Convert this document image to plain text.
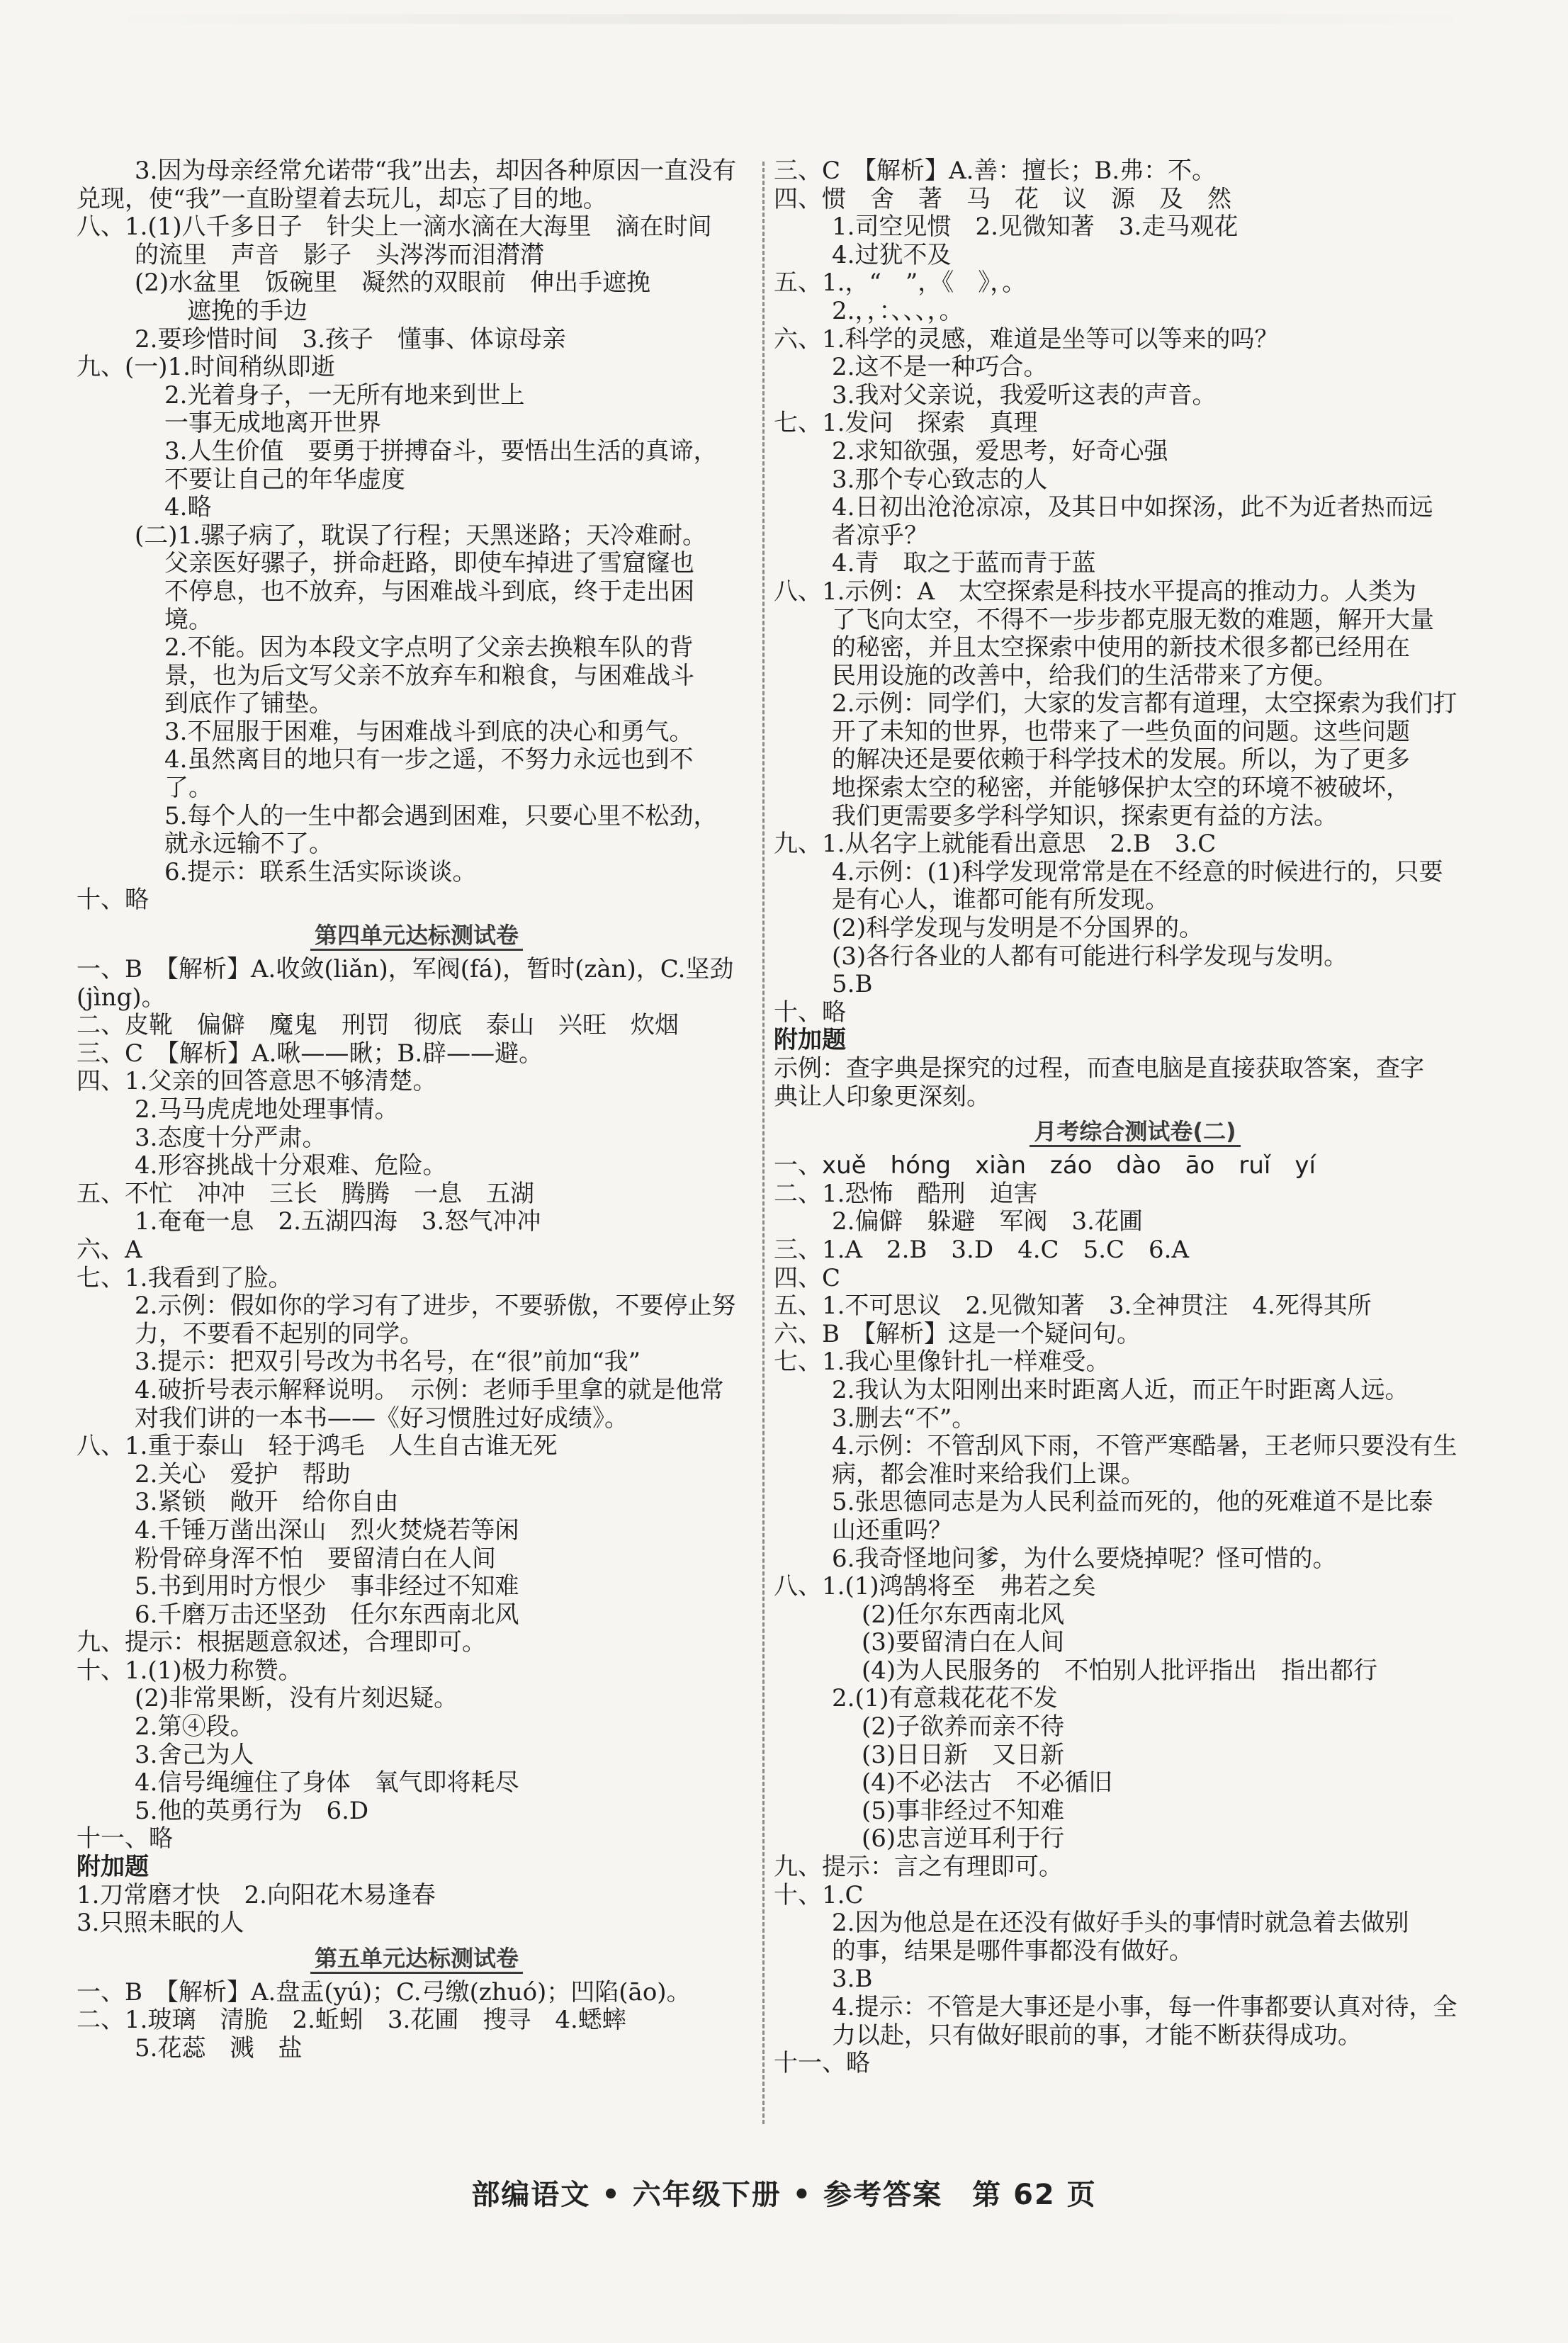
3.因为母亲经常允诺带“我”出去，却因各种原因一直没有
兑现，使“我”一直盼望着去玩儿，却忘了目的地。
八、1.(1)八千多日子　针尖上一滴水滴在大海里　滴在时间
的流里　声音　影子　头涔涔而泪潸潸
(2)水盆里　饭碗里　凝然的双眼前　伸出手遮挽
遮挽的手边
2.要珍惜时间　3.孩子　懂事、体谅母亲
九、(一)1.时间稍纵即逝
2.光着身子，一无所有地来到世上
一事无成地离开世界
3.人生价值　要勇于拼搏奋斗，要悟出生活的真谛，
不要让自己的年华虚度
4.略
(二)1.骡子病了，耽误了行程；天黑迷路；天冷难耐。
父亲医好骡子，拼命赶路，即使车掉进了雪窟窿也
不停息，也不放弃，与困难战斗到底，终于走出困
境。
2.不能。因为本段文字点明了父亲去换粮车队的背
景，也为后文写父亲不放弃车和粮食，与困难战斗
到底作了铺垫。
3.不屈服于困难，与困难战斗到底的决心和勇气。
4.虽然离目的地只有一步之遥，不努力永远也到不
了。
5.每个人的一生中都会遇到困难，只要心里不松劲，
就永远输不了。
6.提示：联系生活实际谈谈。
十、略
第四单元达标测试卷
一、B　【解析】A.收敛(liǎn)，军阀(fá)，暂时(zàn)，C.坚劲
(jìng)。
二、皮靴　偏僻　魔鬼　刑罚　彻底　泰山　兴旺　炊烟
三、C　【解析】A.啾——瞅；B.辟——避。
四、1.父亲的回答意思不够清楚。
2.马马虎虎地处理事情。
3.态度十分严肃。
4.形容挑战十分艰难、危险。
五、不忙　冲冲　三长　腾腾　一息　五湖
1.奄奄一息　2.五湖四海　3.怒气冲冲
六、A
七、1.我看到了脸。
2.示例：假如你的学习有了进步，不要骄傲，不要停止努
力，不要看不起别的同学。
3.提示：把双引号改为书名号，在“很”前加“我”
4.破折号表示解释说明。　示例：老师手里拿的就是他常
对我们讲的一本书——《好习惯胜过好成绩》。
八、1.重于泰山　轻于鸿毛　人生自古谁无死
2.关心　爱护　帮助
3.紧锁　敞开　给你自由
4.千锤万凿出深山　烈火焚烧若等闲
粉骨碎身浑不怕　要留清白在人间
5.书到用时方恨少　事非经过不知难
6.千磨万击还坚劲　任尔东西南北风
九、提示：根据题意叙述，合理即可。
十、1.(1)极力称赞。
(2)非常果断，没有片刻迟疑。
2.第④段。
3.舍己为人
4.信号绳缠住了身体　氧气即将耗尽
5.他的英勇行为　6.D
十一、略
附加题
1.刀常磨才快　2.向阳花木易逢春
3.只照未眠的人
第五单元达标测试卷
一、B　【解析】A.盘盂(yú)；C.弓缴(zhuó)；凹陷(āo)。
二、1.玻璃　清脆　2.蚯蚓　3.花圃　搜寻　4.蟋蟀
5.花蕊　溅　盐
三、C　【解析】A.善：擅长；B.弗：不。
四、惯　舍　著　马　花　议　源　及　然
1.司空见惯　2.见微知著　3.走马观花
4.过犹不及
五、1.，“　”，《　》，。
2.，，：、、、，。
六、1.科学的灵感，难道是坐等可以等来的吗？
2.这不是一种巧合。
3.我对父亲说，我爱听这表的声音。
七、1.发问　探索　真理
2.求知欲强，爱思考，好奇心强
3.那个专心致志的人
4.日初出沧沧凉凉，及其日中如探汤，此不为近者热而远
者凉乎？
4.青　取之于蓝而青于蓝
八、1.示例：A　太空探索是科技水平提高的推动力。人类为
了飞向太空，不得不一步步都克服无数的难题，解开大量
的秘密，并且太空探索中使用的新技术很多都已经用在
民用设施的改善中，给我们的生活带来了方便。
2.示例：同学们，大家的发言都有道理，太空探索为我们打
开了未知的世界，也带来了一些负面的问题。这些问题
的解决还是要依赖于科学技术的发展。所以，为了更多
地探索太空的秘密，并能够保护太空的环境不被破坏，
我们更需要多学科学知识，探索更有益的方法。
九、1.从名字上就能看出意思　2.B　3.C
4.示例：(1)科学发现常常是在不经意的时候进行的，只要
是有心人，谁都可能有所发现。
(2)科学发现与发明是不分国界的。
(3)各行各业的人都有可能进行科学发现与发明。
5.B
十、略
附加题
示例：查字典是探究的过程，而查电脑是直接获取答案，查字
典让人印象更深刻。
月考综合测试卷(二)
一、xuě　hóng　xiàn　záo　dào　āo　ruǐ　yí
二、1.恐怖　酷刑　迫害
2.偏僻　躲避　军阀　3.花圃
三、1.A　2.B　3.D　4.C　5.C　6.A
四、C
五、1.不可思议　2.见微知著　3.全神贯注　4.死得其所
六、B　【解析】这是一个疑问句。
七、1.我心里像针扎一样难受。
2.我认为太阳刚出来时距离人近，而正午时距离人远。
3.删去“不”。
4.示例：不管刮风下雨，不管严寒酷暑，王老师只要没有生
病，都会准时来给我们上课。
5.张思德同志是为人民利益而死的，他的死难道不是比泰
山还重吗？
6.我奇怪地问爹，为什么要烧掉呢？怪可惜的。
八、1.(1)鸿鹄将至　弗若之矣
(2)任尔东西南北风
(3)要留清白在人间
(4)为人民服务的　不怕别人批评指出　指出都行
2.(1)有意栽花花不发
(2)子欲养而亲不待
(3)日日新　又日新
(4)不必法古　不必循旧
(5)事非经过不知难
(6)忠言逆耳利于行
九、提示：言之有理即可。
十、1.C
2.因为他总是在还没有做好手头的事情时就急着去做别
的事，结果是哪件事都没有做好。
3.B
4.提示：不管是大事还是小事，每一件事都要认真对待，全
力以赴，只有做好眼前的事，才能不断获得成功。
十一、略
部编语文 • 六年级下册 • 参考答案　第 62 页
